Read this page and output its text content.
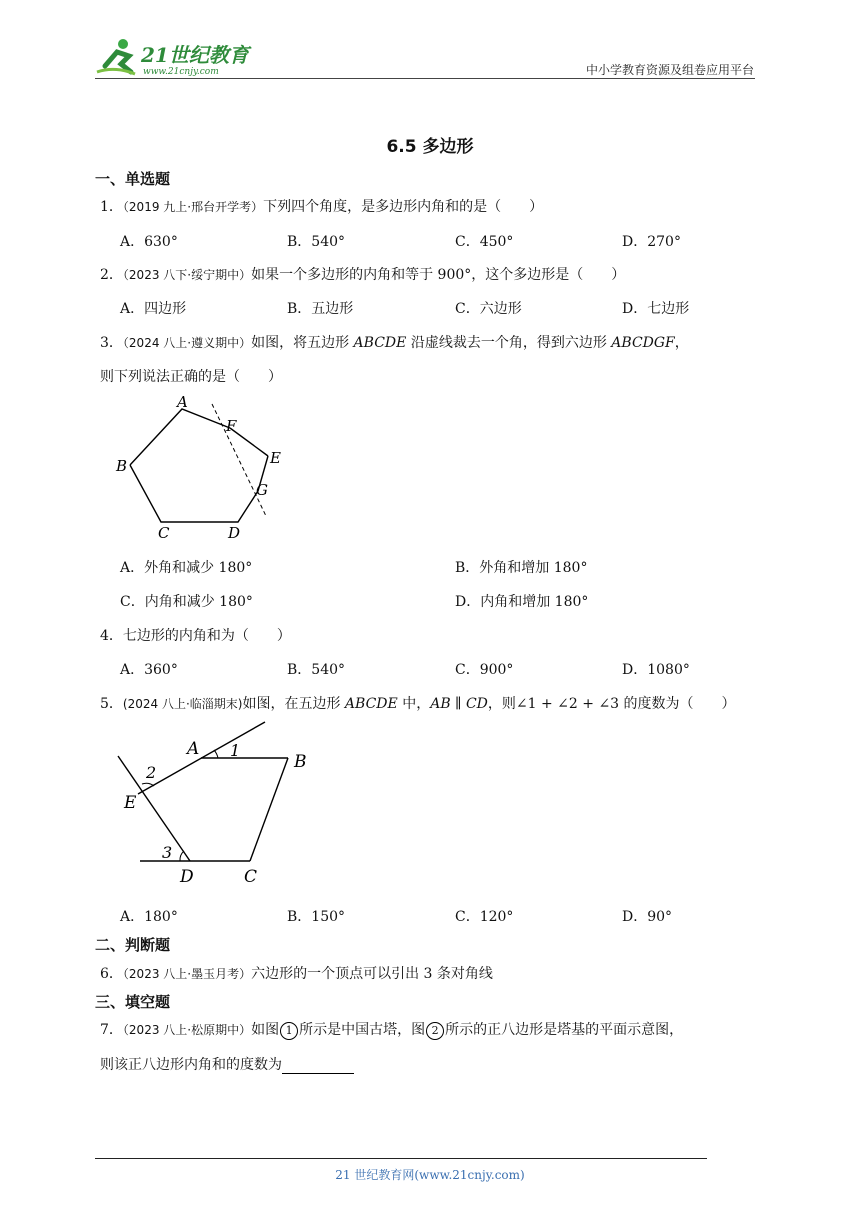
21世纪教育
www.21cnjy.com	中小学教育资源及组卷应用平台
6.5 多边形
一、单选题
1．（2019 九上·邢台开学考）下列四个角度，是多边形内角和的是（　　）
A．630°	B．540°	C．450°	D．270°
2．（2023 八下·绥宁期中）如果一个多边形的内角和等于 900°，这个多边形是（　　）
A．四边形	B．五边形	C．六边形	D．七边形
3．（2024 八上·遵义期中）如图，将五边形 ABCDE 沿虚线裁去一个角，得到六边形 ABCDGF，
则下列说法正确的是（　　）
A
B
C	D
E
F
G
A．外角和减少 180°	B．外角和增加 180°
C．内角和减少 180°	D．内角和增加 180°
4．七边形的内角和为（　　）
A．360°	B．540°	C．900°	D．1080°
5．(2024 八上·临淄期末)如图，在五边形 ABCDE 中，AB ∥ CD，则∠1 + ∠2 + ∠3 的度数为（　　）
A
B
C
D
E
1
2
3
A．180°	B．150°	C．120°	D．90°
二、判断题
6．（2023 八上·墨玉月考）六边形的一个顶点可以引出 3 条对角线
三、填空题
7．（2023 八上·松原期中）如图 1 所示是中国古塔，图 2 所示的正八边形是塔基的平面示意图，
则该正八边形内角和的度数为
21 世纪教育网(www.21cnjy.com)
